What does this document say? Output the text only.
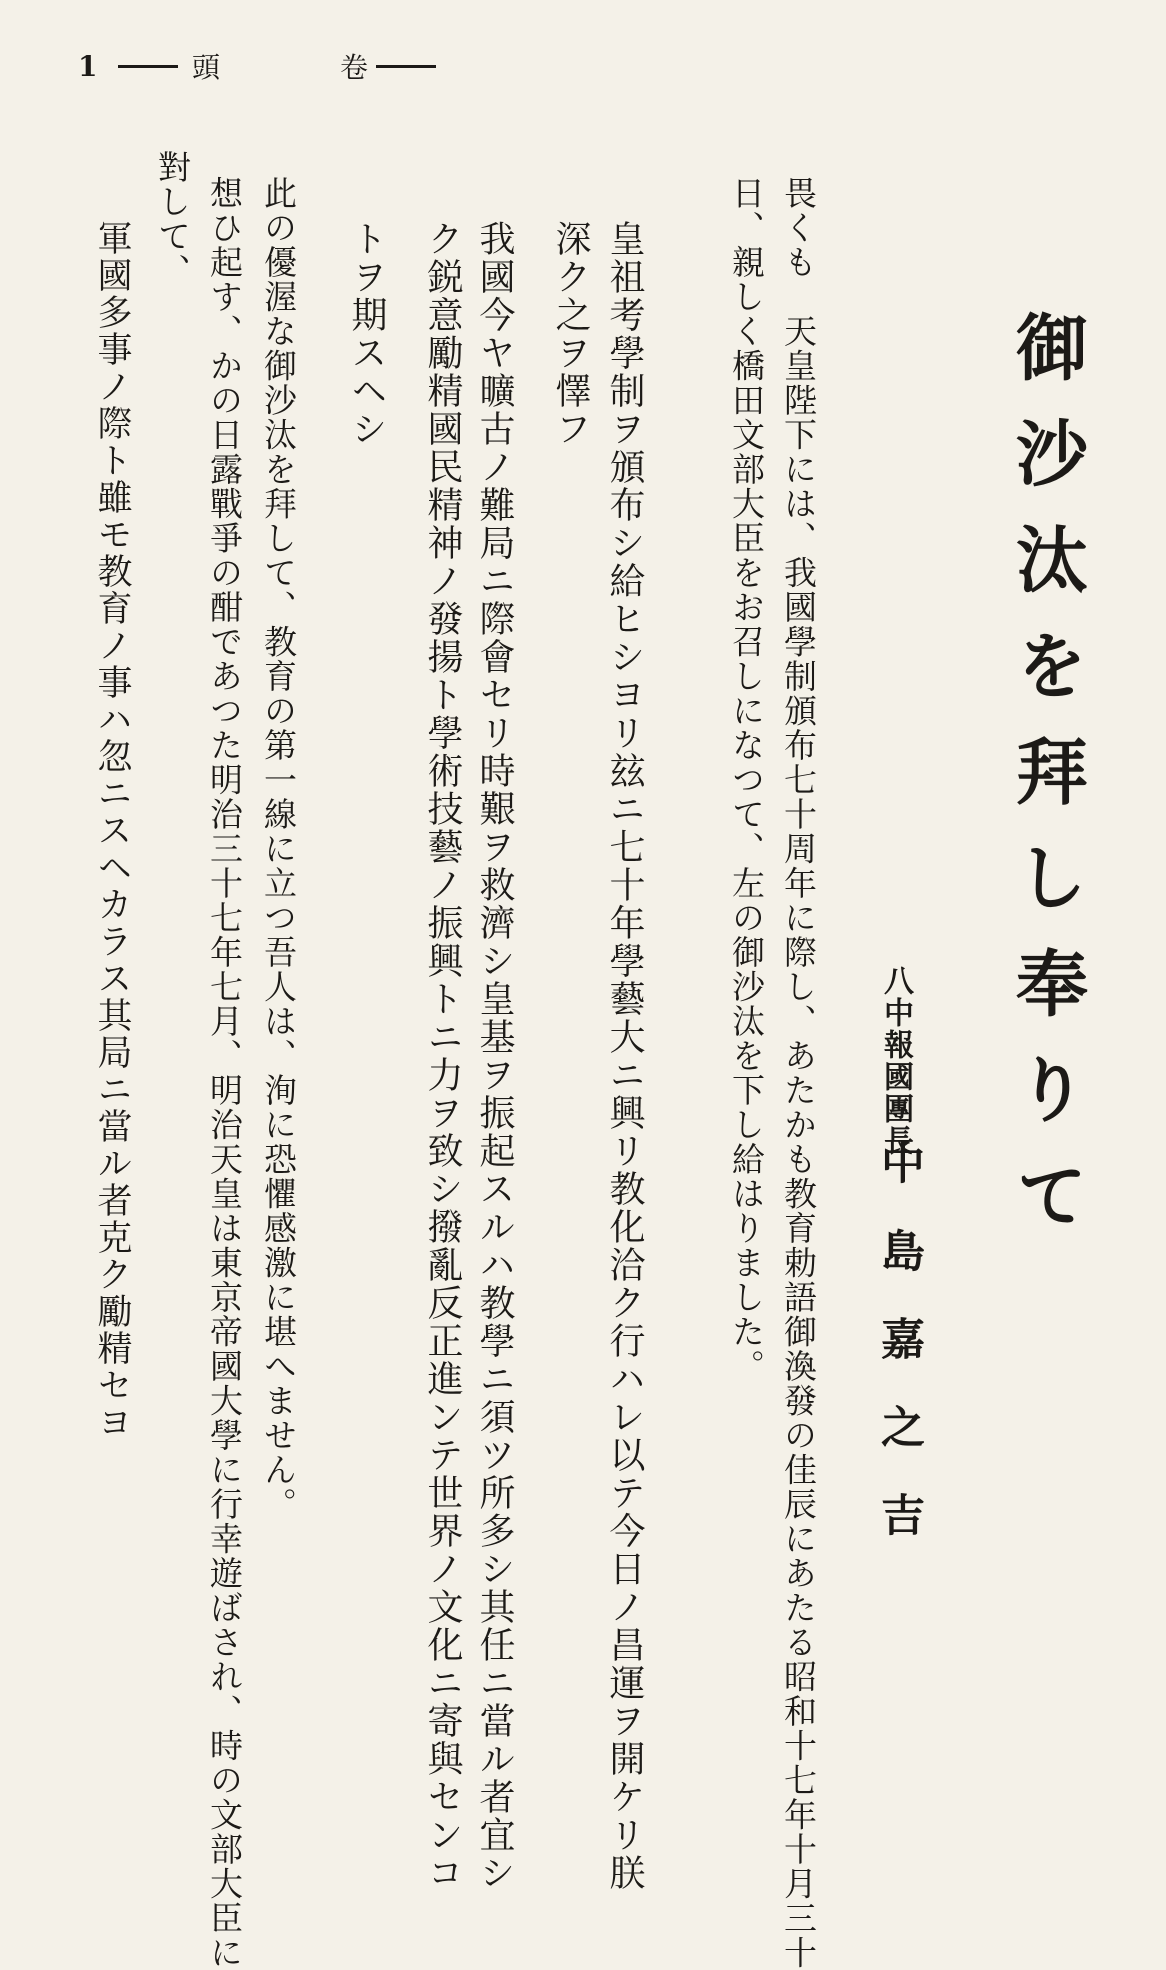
1	頭	卷
御沙汰を拜し奉りて
八中報國團長
中島嘉之吉
畏くも　天皇陛下には、我國學制頒布七十周年に際し、あたかも教育勅語御渙發の佳辰にあたる昭和十七年十月三十
日、親しく橋田文部大臣をお召しになつて、左の御沙汰を下し給はりました。
皇祖考學制ヲ頒布シ給ヒシヨリ玆ニ七十年學藝大ニ興リ教化洽ク行ハレ以テ今日ノ昌運ヲ開ケリ朕
深ク之ヲ懌フ
我國今ヤ曠古ノ難局ニ際會セリ時艱ヲ救濟シ皇基ヲ振起スルハ教學ニ須ツ所多シ其任ニ當ル者宜シ
ク鋭意勵精國民精神ノ發揚ト學術技藝ノ振興トニ力ヲ致シ撥亂反正進ンテ世界ノ文化ニ寄與センコ
トヲ期スヘシ
此の優渥な御沙汰を拜して、教育の第一線に立つ吾人は、洵に恐懼感激に堪へません。
想ひ起す、かの日露戰爭の酣であつた明治三十七年七月、明治天皇は東京帝國大學に行幸遊ばされ、時の文部大臣に
對して、
軍國多事ノ際ト雖モ教育ノ事ハ忽ニスヘカラス其局ニ當ル者克ク勵精セヨ
